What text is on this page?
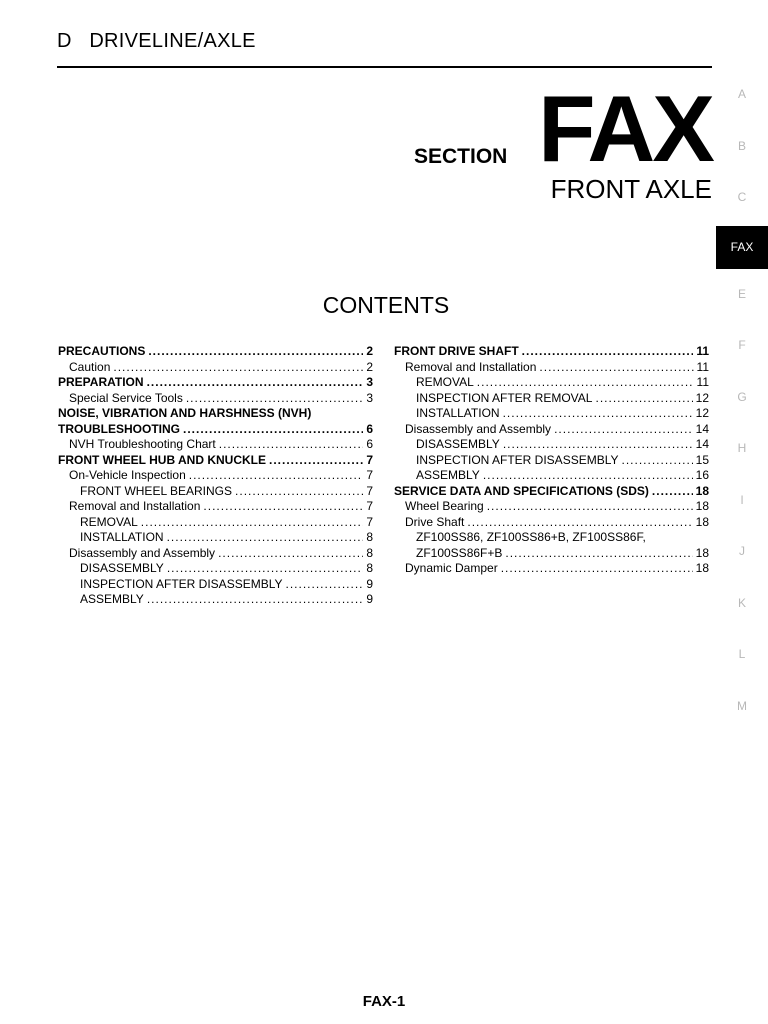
D   DRIVELINE/AXLE
SECTION FAX
FRONT AXLE
CONTENTS
PRECAUTIONS .....	2
Caution .....	2
PREPARATION .....	3
Special Service Tools .....	3
NOISE, VIBRATION AND HARSHNESS (NVH)
TROUBLESHOOTING .....	6
NVH Troubleshooting Chart .....	6
FRONT WHEEL HUB AND KNUCKLE .....	7
On-Vehicle Inspection .....	7
FRONT WHEEL BEARINGS .....	7
Removal and Installation .....	7
REMOVAL .....	7
INSTALLATION .....	8
Disassembly and Assembly .....	8
DISASSEMBLY .....	8
INSPECTION AFTER DISASSEMBLY .....	9
ASSEMBLY .....	9
FRONT DRIVE SHAFT .....	11
Removal and Installation .....	11
REMOVAL .....	11
INSPECTION AFTER REMOVAL .....	12
INSTALLATION .....	12
Disassembly and Assembly .....	14
DISASSEMBLY .....	14
INSPECTION AFTER DISASSEMBLY .....	15
ASSEMBLY .....	16
SERVICE DATA AND SPECIFICATIONS (SDS) .....	18
Wheel Bearing .....	18
Drive Shaft .....	18
ZF100SS86, ZF100SS86+B, ZF100SS86F,
ZF100SS86F+B .....	18
Dynamic Damper .....	18
A
B
C
FAX
E
F
G
H
I
J
K
L
M
FAX-1
